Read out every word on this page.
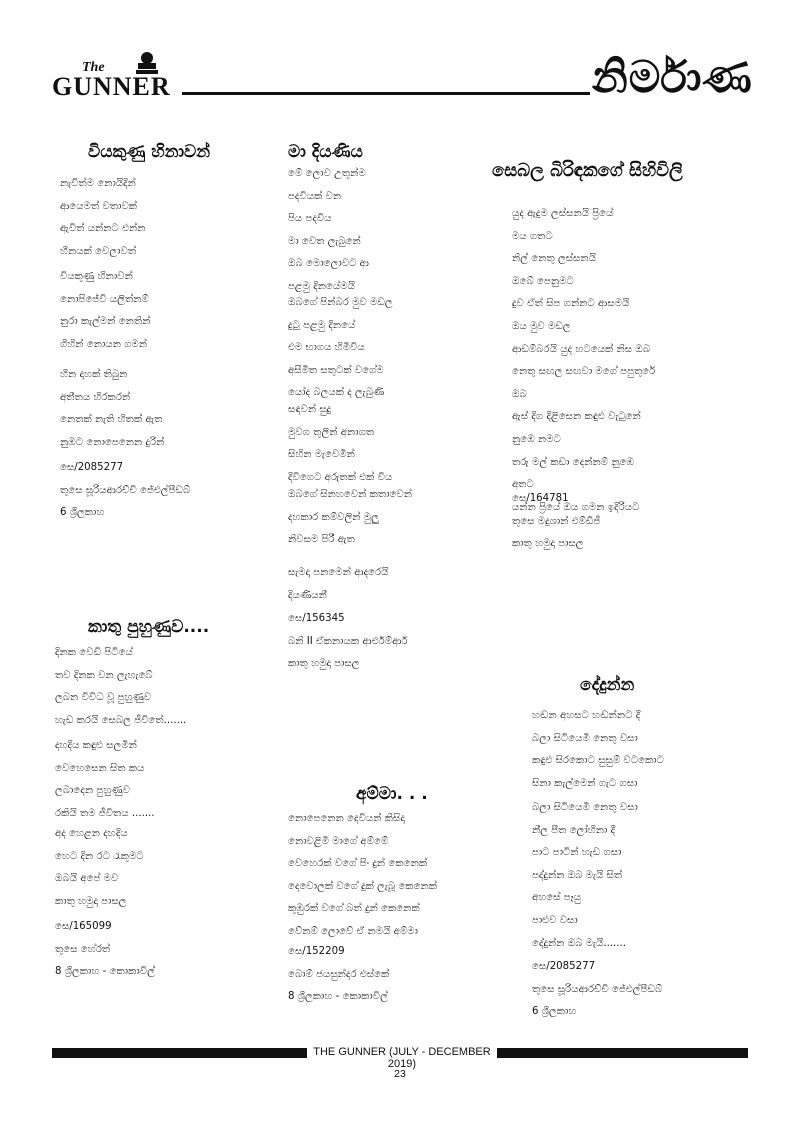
The
GUNNER	නිර්මාණ
වියකුණු හිනාවන්
නැවිත්ම නොයිදින්
ආයෙමත් වතාවක්
ඇවිත් යන්නට එන්න
හීනයක් වෙලාවත්
වියකුණු හිනාවන්
නොපිජේවි යලිත්නම්
නුරා කැල්මන් නෙතින්
ගිහින් නොයන ගමන්
හීන දාහක් තිබුන
අතීතය හිරකරන්
නෙතක් නැති හිතක් ඇත
නුඹට නොපෙනෙන දුරින්
සෙ/2085277
තුසෙ සූරියආරච්චි ජේඑල්පීඩබ්
6 ශ්‍රීලකාහ
කාතු පුහුණුව....
දිනක වෙඩි පිටියේ
තව දිනක වන ලැහැබේ
ලබන විවිධ වූ පුහුණුව
හැඩ කරයි සෙබල ජීවිතේ.......
දහදිය කඳුළු සලමින්
වෙහෙසෙන සිත කය
ලබාදෙන පුහුණුව
රකියි තම ජීවිතය .......
අද හෙළන දහදිය
හෙට දින රට රැකුමට
ඔබයි අපේ මව
කාතු හමුදා පාසල
සෙ/165099
තුසෙ හේරත්
8 ශ්‍රීලකාහ - කොකාවිල්
මා දියණිය
මේ ලොව උතුන්ම
පදවියක් වන
පිය පදවිය
මා වෙත ලැබුනේ
ඔබ මොලොවට ආ
පළමු දිනයේමයි
ඔබගේ පින්බර මුව මඩල
දුටු පළමු දිනයේ
එම භාගය හිමිවිය
අසීමිත සතුටක් වගේම
යෝද බලයක් ද ලැබුණි
සඳවන් සුදු
මුවග තුලින් අනාගත
සිහින මැවෙමින්
දිවිගෙට අරුතක් එක් විය
ඔබගේ සිනහවෙන් කතාවෙන්
දහකාර කම්වලින් මුලු
නිවසම පිරී ඇත
සැමදා පනමෙන් ආදරෙයි
දියණියනී
සෙ/156345
බනි II ඒකනායක ආර්එම්ආර්
කාතු හමුදා පාසල
අම්මා. . .
නොපෙනෙන දෙවියන් කිසිදා
නොවළිමි මාගේ අම්මේ
වෙහෙරක් වගේ පිං දුන් කෙනෙක්
දෙවොලක් වගේ දුක් ලැබූ කෙනෙක්
කුඹුරක් වගේ බත් දුන් කෙනෙක්
වේනම් ලොවේ ඒ නමයි අම්මා
සෙ/152209
බොම් ජයසුන්දර එස්කේ
8 ශ්‍රීලකාහ - කොකාවිල්
සෙබල බිරිඳකගේ සිහිවිලි
යුද ඇදුම ලස්සනයි ප්‍රියේ
මය ගතට
නිල් නෙතු ලස්සනයි
ඔබේ පෙනුමට
දුව ඒත් සිප ගන්නට ආසමයි
ඔය මුව මඩල
ආඩම්බරයි යුද හටයෙක් නිස ඔබ
නෙතු සඟල සඟවා මගේ පපුතුරේ
ඔබ
ඇස් දිග දිළිසෙන කඳුළු වැටුනේ
නුඹෙ නමට
තරු මල් කඩා දෙන්නම් නුඹෙ
අතට
යන්න ප්‍රියේ ඔය ගමන ඉදිරියට
සෙ/164781
තුසෙ මදුශාන් එම්ඩීජී
කාතු හමුදා පාසල
දේදුන්න
හඬන අහසට හඬන්නට දී
බලා සිටියෙමි නෙතු වසා
කඳුළු සිරකොට සුසුම් වටකොට
සිනා කැල්මෙන් ගැට ගසා
බලා සිටියෙමි නෙතු වසා
නීල පීත ලෝහිනා දී
පාට පාටින් හැඩ ගසා
පද්දුන්න ඔබ මැයි සිත්
අහසේ පෑයු
පාළුව වසා
දේදුන්න ඔබ මැයි.......
සෙ/2085277
තුසෙ සූරියආරච්චි ජේඑල්පීඩබ්
6 ශ්‍රීලකාහ
THE GUNNER (JULY - DECEMBER 2019)
23
